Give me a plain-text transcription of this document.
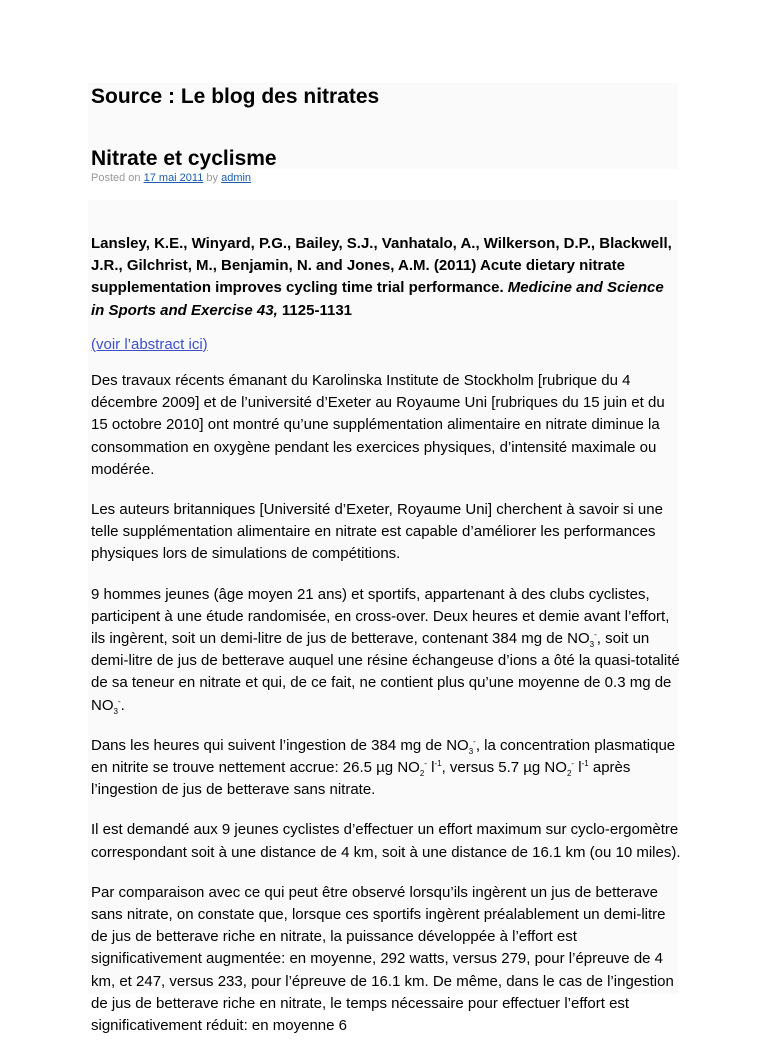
Source : Le blog des nitrates
Nitrate et cyclisme
Posted on 17 mai 2011 by admin

Lansley, K.E., Winyard, P.G., Bailey, S.J., Vanhatalo, A., Wilkerson, D.P., Blackwell, J.R., Gilchrist, M., Benjamin, N. and Jones, A.M. (2011) Acute dietary nitrate supplementation improves cycling time trial performance. Medicine and Science in Sports and Exercise 43, 1125-1131

(voir l’abstract ici)

Des travaux récents émanant du Karolinska Institute de Stockholm [rubrique du 4 décembre 2009] et de l’université d’Exeter au Royaume Uni [rubriques du 15 juin et du 15 octobre 2010] ont montré qu’une supplémentation alimentaire en nitrate diminue la consommation en oxygène pendant les exercices physiques, d’intensité maximale ou modérée.

Les auteurs britanniques [Université d’Exeter, Royaume Uni] cherchent à savoir si une telle supplémentation alimentaire en nitrate est capable d’améliorer les performances physiques lors de simulations de compétitions.

9 hommes jeunes (âge moyen 21 ans) et sportifs, appartenant à des clubs cyclistes, participent à une étude randomisée, en cross-over. Deux heures et demie avant l’effort, ils ingèrent, soit un demi-litre de jus de betterave, contenant 384 mg de $NO_3^-$, soit un demi-litre de jus de betterave auquel une résine échangeuse d’ions a ôté la quasi-totalité de sa teneur en nitrate et qui, de ce fait, ne contient plus qu’une moyenne de 0.3 mg de $NO_3^-$.

Dans les heures qui suivent l’ingestion de 384 mg de $NO_3^-$, la concentration plasmatique en nitrite se trouve nettement accrue: 26.5 µg $NO_2^-$ $l^{-1}$, versus 5.7 µg $NO_2^-$ $l^{-1}$ après l’ingestion de jus de betterave sans nitrate.

Il est demandé aux 9 jeunes cyclistes d’effectuer un effort maximum sur cyclo-ergomètre correspondant soit à une distance de 4 km, soit à une distance de 16.1 km (ou 10 miles).

Par comparaison avec ce qui peut être observé lorsqu’ils ingèrent un jus de betterave sans nitrate, on constate que, lorsque ces sportifs ingèrent préalablement un demi-litre de jus de betterave riche en nitrate, la puissance développée à l’effort est significativement augmentée: en moyenne, 292 watts, versus 279, pour l’épreuve de 4 km, et 247, versus 233, pour l’épreuve de 16.1 km. De même, dans le cas de l’ingestion de jus de betterave riche en nitrate, le temps nécessaire pour effectuer l’effort est significativement réduit: en moyenne 6
